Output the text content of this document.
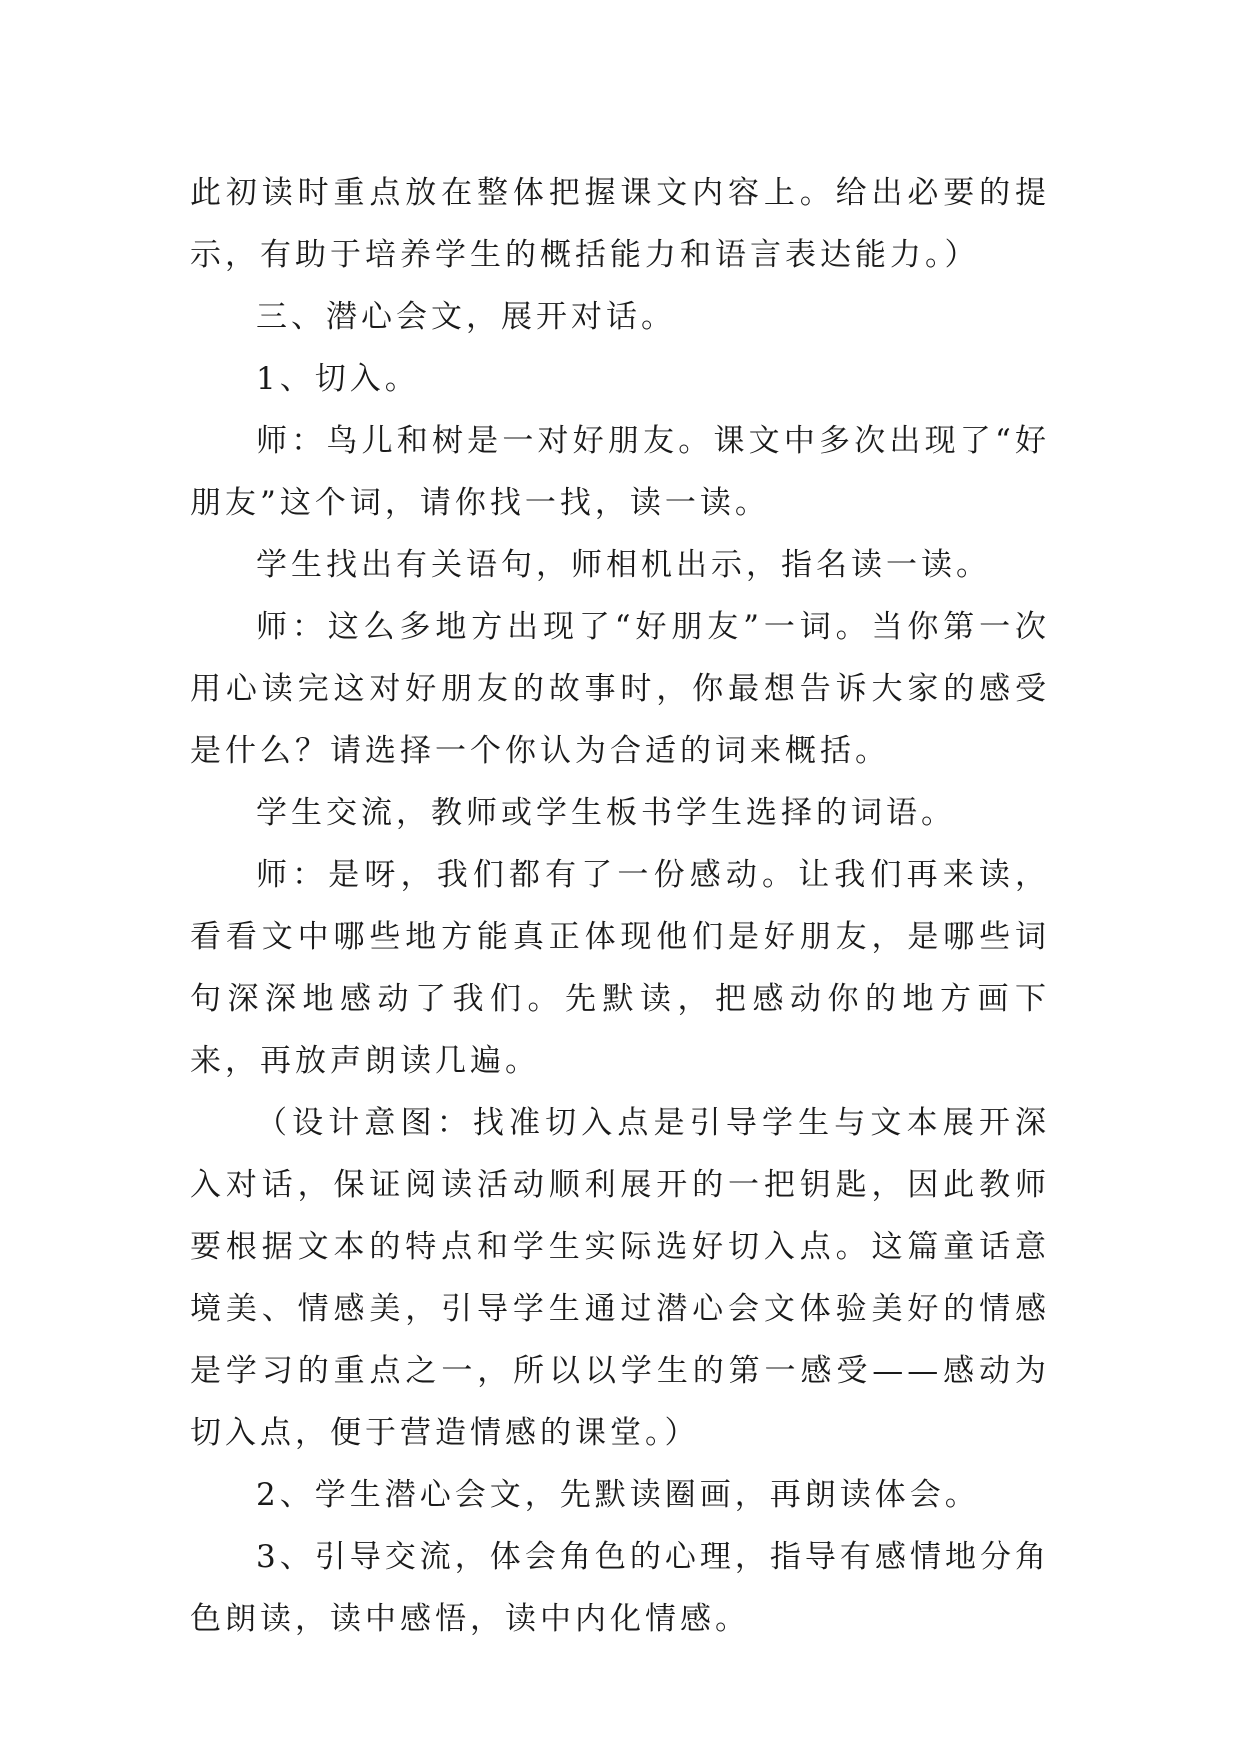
此初读时重点放在整体把握课文内容上。给出必要的提示，有助于培养学生的概括能力和语言表达能力。）

三、潜心会文，展开对话。

1、切入。

师：鸟儿和树是一对好朋友。课文中多次出现了“好朋友”这个词，请你找一找，读一读。

学生找出有关语句，师相机出示，指名读一读。

师：这么多地方出现了“好朋友”一词。当你第一次用心读完这对好朋友的故事时，你最想告诉大家的感受是什么？请选择一个你认为合适的词来概括。

学生交流，教师或学生板书学生选择的词语。

师：是呀，我们都有了一份感动。让我们再来读，看看文中哪些地方能真正体现他们是好朋友，是哪些词句深深地感动了我们。先默读，把感动你的地方画下来，再放声朗读几遍。

（设计意图：找准切入点是引导学生与文本展开深入对话，保证阅读活动顺利展开的一把钥匙，因此教师要根据文本的特点和学生实际选好切入点。这篇童话意境美、情感美，引导学生通过潜心会文体验美好的情感是学习的重点之一，所以以学生的第一感受——感动为切入点，便于营造情感的课堂。）

2、学生潜心会文，先默读圈画，再朗读体会。

3、引导交流，体会角色的心理，指导有感情地分角色朗读，读中感悟，读中内化情感。
